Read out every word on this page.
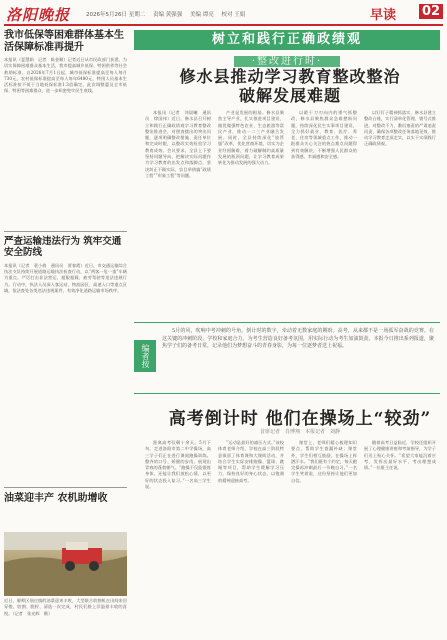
洛阳晚报	2026年5月26日 星期二 责编 黄强强 美编 谭亮 校对 王娟	早读 02
我市低保等困难群体基本生活保障标准再提升
本报讯（夏慧娟　记者　陈金顺）记者近日从市民政部门获悉，为切实保障困难群众基本生活，我市提高城乡低保、特困供养等社会救助标准。自2026年7月1日起，城市低保标准提高至每人每月730元，农村低保标准提高至每人每年6480元，特困人员基本生活标准按不低于当地低保标准1.3倍确定。此次调整惠及全市低保、特困等困难群众，进一步织密兜牢民生底线。
严查运输违法行为 筑牢交通安全防线
本报讯（记者　裴小倩　通讯员　贾春霞）近日，市交通运输综合执法支队持续开展道路运输执法检查行动，以“两客一危一重”车辆为重点，严厉打击非法营运、超限超载、疲劳驾驶等违法违规行为。行动中，执法人员深入客运站、物流园区、高速入口等重点区域，依法查处各类违法违规案件，有效净化道路运输市场秩序。
油菜迎丰产 农机助增收
近日，偃师区佃庄镇的油菜迎来丰收，大型联合收割机在田间来回穿梭，收割、脱粒、清选一次完成，村民们脸上洋溢着丰收的喜悦。（记者　张光辉　摄）
树立和践行正确政绩观
·整改进行时·
修水县推动学习教育整改整治
破解发展难题
本报讯（记者　刘晨曦　通讯员　徐国伟）近日，修水县召开树立和践行正确政绩观学习教育整改整治推进会，对照查摆出的突出问题，逐项明确整改措施、责任单位和完成时限，以整改实效检验学习教育成效。会议要求，全县上下要坚持问题导向，把解决实际问题作为学习教育的出发点和落脚点，坚决纠正不顾实际、盲目举债搞“政绩工程”“形象工程”等问题。
产业是发展的根基。修水县聚焦主导产业，扎实推进项目建设，做优做强特色农业、生态旅游等富民产业，推动一二三产业融合发展。同时，全县持续深化“放管服”改革，优化营商环境，切实为企业纾困解难，着力破解制约高质量发展的瓶颈问题，让学习教育成果转化为推动发展的强大动力。
以敢于刀刃向内的勇气抓整改，修水县聚焦群众急难愁盼问题，持续深化民生实事项目建设，全力抓好就业、教育、医疗、养老、住房等领域重点工作，推动一批群众关心关注的热点难点问题得到有效解决，不断增强人民群众的获得感、幸福感和安全感。
以钉钉子精神抓落实，修水县建立整改台账，实行清单化管理、销号式推进，对整改不力、敷衍塞责的严肃追责问责，确保各项整改任务落地见效，推动学习教育走深走实，以实干实绩践行正确政绩观。
编者按
5月的风，吹响中考冲刺的号角。倒计时的数字，牵动着无数家庭的期盼。高考，从来都不是一场孤军奋战的竞赛。在这关键的冲刺阶段，学校和家庭合力，为考生营造良好备考氛围，用实际行动为考生加油鼓劲。本报今日推出系列报道，聚焦学子们的备考日常，记录他们为梦想奋斗的青春身影，为每一位逐梦者送上祝福。
高考倒计时 他们在操场上“较劲”
首席记者　肖博翔　本报记者　刘静
距离高考仅剩十余天。5月下旬，走进洛阳市第二中学操场，高三学子们正在进行课间跑操训练。整齐的口号、矫健的步伐，展现出青春的蓬勃朝气。“跑操不仅能锻炼身体，还能让我们放松心情，以更好的状态投入复习。”一名高三学生说。
“运动是最好的减压方式。”该校体育老师介绍，学校在高三阶段特意保留了体育课和大课间活动，并结合学生实际安排跑操、篮球、跳绳等项目，帮助学生缓解学习压力，保持良好的身心状态，以饱满的精神迎接高考。
课堂上，老师们精心梳理知识要点，帮助学生查漏补缺；课堂外，学生们相互鼓励，在操场上挥洒汗水。“我们班有个约定，每天跑完操再冲刺最后一节晚自习。”一名学生笑着说，这份坚持让他们更加自信。
随着高考日益临近，学校还组织开展了心理健康讲座和考前指导，为学子们送上贴心关怀。“希望大家能沉着应考，发挥出最好水平，考出理想成绩。”一位班主任说。
